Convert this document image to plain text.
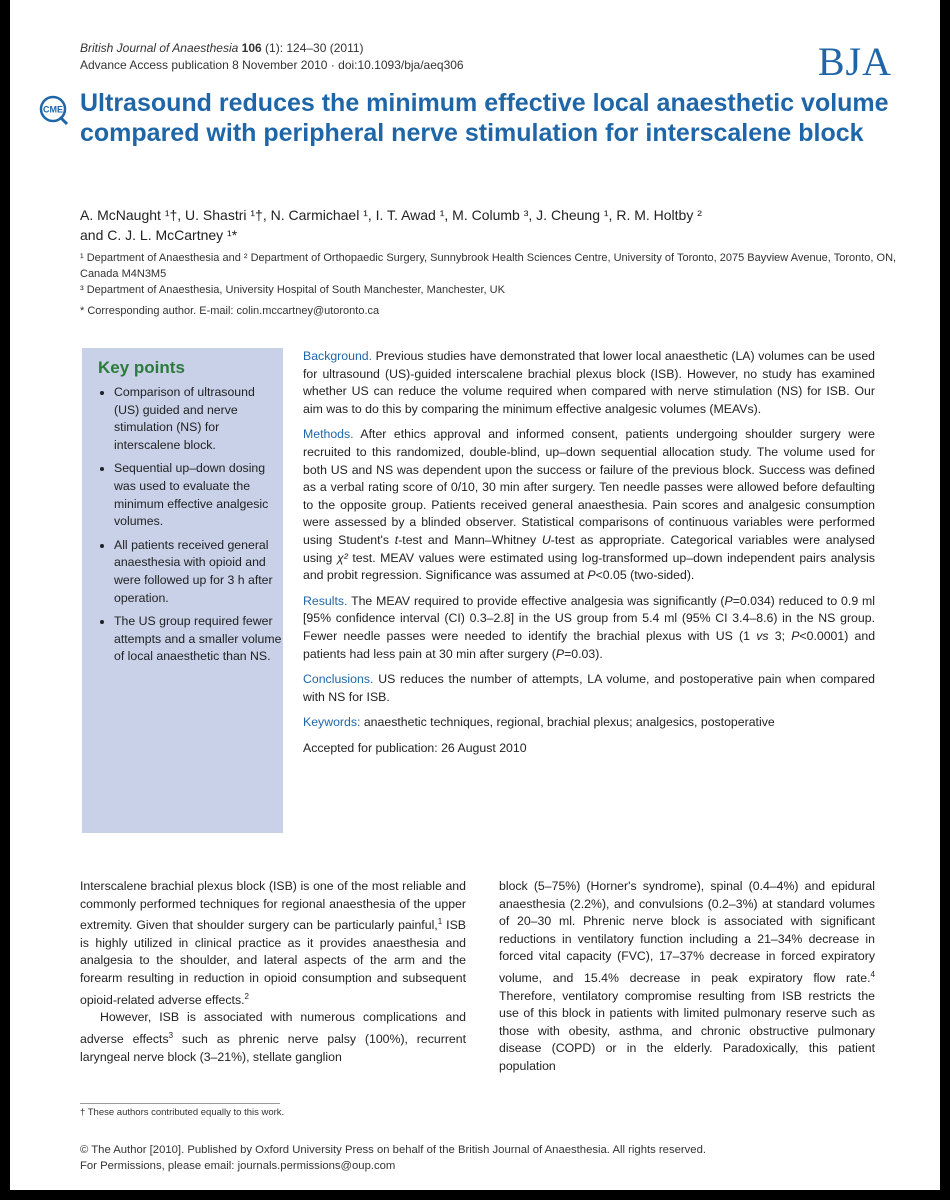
British Journal of Anaesthesia 106 (1): 124–30 (2011)
Advance Access publication 8 November 2010 · doi:10.1093/bja/aeq306	BJA
CME Ultrasound reduces the minimum effective local anaesthetic volume compared with peripheral nerve stimulation for interscalene block
A. McNaught ¹†, U. Shastri ¹†, N. Carmichael ¹, I. T. Awad ¹, M. Columb ³, J. Cheung ¹, R. M. Holtby ²
and C. J. L. McCartney ¹*

¹ Department of Anaesthesia and ² Department of Orthopaedic Surgery, Sunnybrook Health Sciences Centre, University of Toronto, 2075 Bayview Avenue, Toronto, ON, Canada M4N3M5

³ Department of Anaesthesia, University Hospital of South Manchester, Manchester, UK

* Corresponding author. E-mail: colin.mccartney@utoronto.ca
Key points
• Comparison of ultrasound (US) guided and nerve stimulation (NS) for interscalene block.
• Sequential up–down dosing was used to evaluate the minimum effective analgesic volumes.
• All patients received general anaesthesia with opioid and were followed up for 3 h after operation.
• The US group required fewer attempts and a smaller volume of local anaesthetic than NS.

Background. Previous studies have demonstrated that lower local anaesthetic (LA) volumes can be used for ultrasound (US)-guided interscalene brachial plexus block (ISB). However, no study has examined whether US can reduce the volume required when compared with nerve stimulation (NS) for ISB. Our aim was to do this by comparing the minimum effective analgesic volumes (MEAVs).

Methods. After ethics approval and informed consent, patients undergoing shoulder surgery were recruited to this randomized, double-blind, up–down sequential allocation study. The volume used for both US and NS was dependent upon the success or failure of the previous block. Success was defined as a verbal rating score of 0/10, 30 min after surgery. Ten needle passes were allowed before defaulting to the opposite group. Patients received general anaesthesia. Pain scores and analgesic consumption were assessed by a blinded observer. Statistical comparisons of continuous variables were performed using Student's t-test and Mann–Whitney U-test as appropriate. Categorical variables were analysed using χ² test. MEAV values were estimated using log-transformed up–down independent pairs analysis and probit regression. Significance was assumed at P<0.05 (two-sided).

Results. The MEAV required to provide effective analgesia was significantly (P=0.034) reduced to 0.9 ml [95% confidence interval (CI) 0.3–2.8] in the US group from 5.4 ml (95% CI 3.4–8.6) in the NS group. Fewer needle passes were needed to identify the brachial plexus with US (1 vs 3; P<0.0001) and patients had less pain at 30 min after surgery (P=0.03).

Conclusions. US reduces the number of attempts, LA volume, and postoperative pain when compared with NS for ISB.

Keywords: anaesthetic techniques, regional, brachial plexus; analgesics, postoperative

Accepted for publication: 26 August 2010

Interscalene brachial plexus block (ISB) is one of the most reliable and commonly performed techniques for regional anaesthesia of the upper extremity. Given that shoulder surgery can be particularly painful,$^1$ ISB is highly utilized in clinical practice as it provides anaesthesia and analgesia to the shoulder, and lateral aspects of the arm and the forearm resulting in reduction in opioid consumption and subsequent opioid-related adverse effects.$^2$

However, ISB is associated with numerous complications and adverse effects$^3$ such as phrenic nerve palsy (100%), recurrent laryngeal nerve block (3–21%), stellate ganglion

block (5–75%) (Horner's syndrome), spinal (0.4–4%) and epidural anaesthesia (2.2%), and convulsions (0.2–3%) at standard volumes of 20–30 ml. Phrenic nerve block is associated with significant reductions in ventilatory function including a 21–34% decrease in forced vital capacity (FVC), 17–37% decrease in forced expiratory volume, and 15.4% decrease in peak expiratory flow rate.$^4$ Therefore, ventilatory compromise resulting from ISB restricts the use of this block in patients with limited pulmonary reserve such as those with obesity, asthma, and chronic obstructive pulmonary disease (COPD) or in the elderly. Paradoxically, this patient population

† These authors contributed equally to this work.

© The Author [2010]. Published by Oxford University Press on behalf of the British Journal of Anaesthesia. All rights reserved.

For Permissions, please email: journals.permissions@oup.com
